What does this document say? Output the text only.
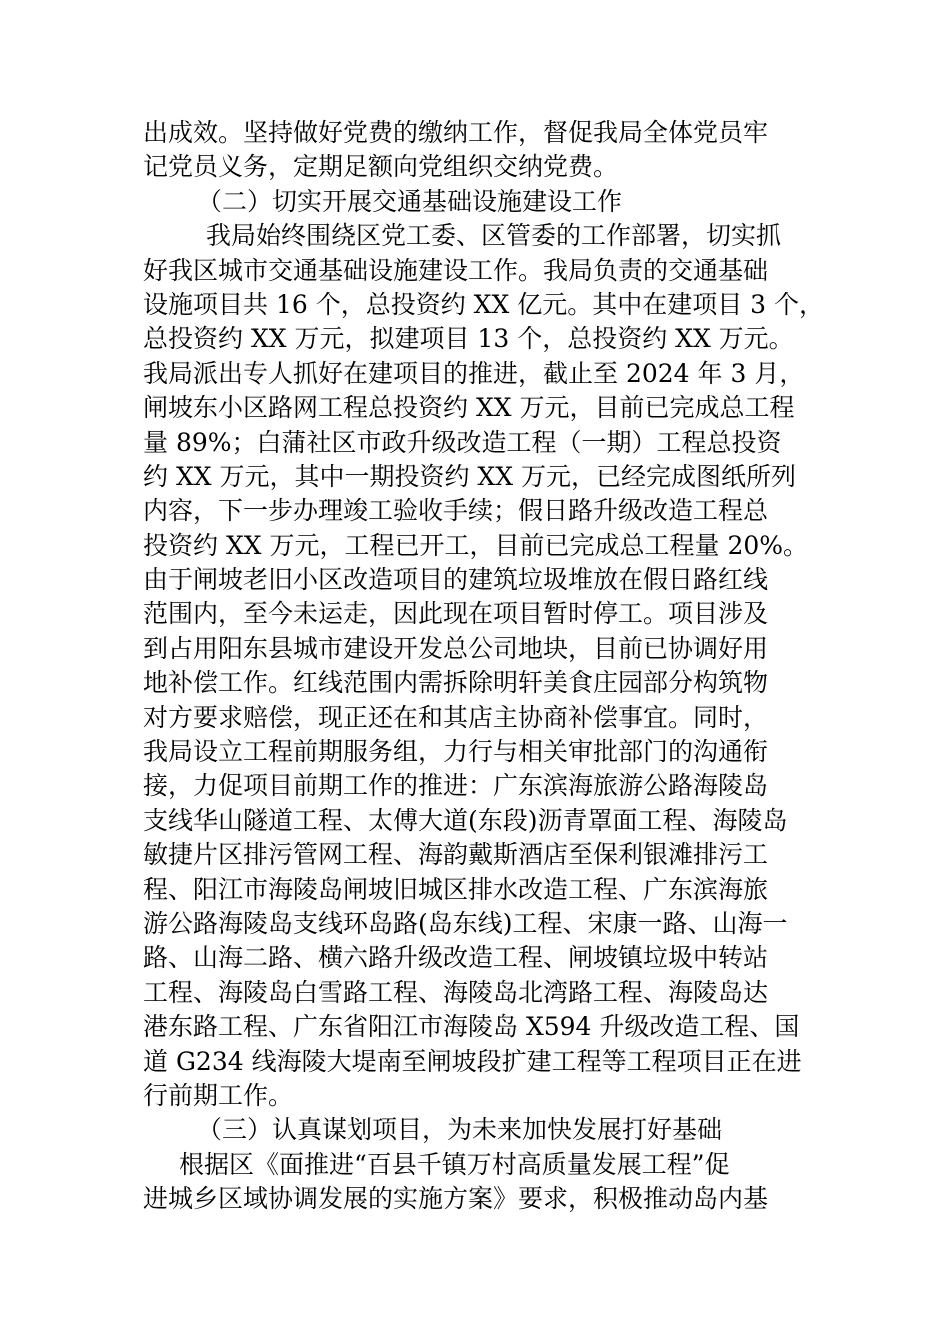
出成效。坚持做好党费的缴纳工作，督促我局全体党员牢
记党员义务，定期足额向党组织交纳党费。
（二）切实开展交通基础设施建设工作
我局始终围绕区党工委、区管委的工作部署，切实抓
好我区城市交通基础设施建设工作。我局负责的交通基础
设施项目共 16 个，总投资约 XX 亿元。其中在建项目 3 个，
总投资约 XX 万元，拟建项目 13 个，总投资约 XX 万元。
我局派出专人抓好在建项目的推进，截止至 2024 年 3 月，
闸坡东小区路网工程总投资约 XX 万元，目前已完成总工程
量 89%；白蒲社区市政升级改造工程（一期）工程总投资
约 XX 万元，其中一期投资约 XX 万元，已经完成图纸所列
内容，下一步办理竣工验收手续；假日路升级改造工程总
投资约 XX 万元，工程已开工，目前已完成总工程量 20%。
由于闸坡老旧小区改造项目的建筑垃圾堆放在假日路红线
范围内，至今未运走，因此现在项目暂时停工。项目涉及
到占用阳东县城市建设开发总公司地块，目前已协调好用
地补偿工作。红线范围内需拆除明轩美食庄园部分构筑物
对方要求赔偿，现正还在和其店主协商补偿事宜。同时，
我局设立工程前期服务组，力行与相关审批部门的沟通衔
接，力促项目前期工作的推进：广东滨海旅游公路海陵岛
支线华山隧道工程、太傅大道(东段)沥青罩面工程、海陵岛
敏捷片区排污管网工程、海韵戴斯酒店至保利银滩排污工
程、阳江市海陵岛闸坡旧城区排水改造工程、广东滨海旅
游公路海陵岛支线环岛路(岛东线)工程、宋康一路、山海一
路、山海二路、横六路升级改造工程、闸坡镇垃圾中转站
工程、海陵岛白雪路工程、海陵岛北湾路工程、海陵岛达
港东路工程、广东省阳江市海陵岛 X594 升级改造工程、国
道 G234 线海陵大堤南至闸坡段扩建工程等工程项目正在进
行前期工作。
（三）认真谋划项目，为未来加快发展打好基础
根据区《面推进“百县千镇万村高质量发展工程”促
进城乡区域协调发展的实施方案》要求，积极推动岛内基
